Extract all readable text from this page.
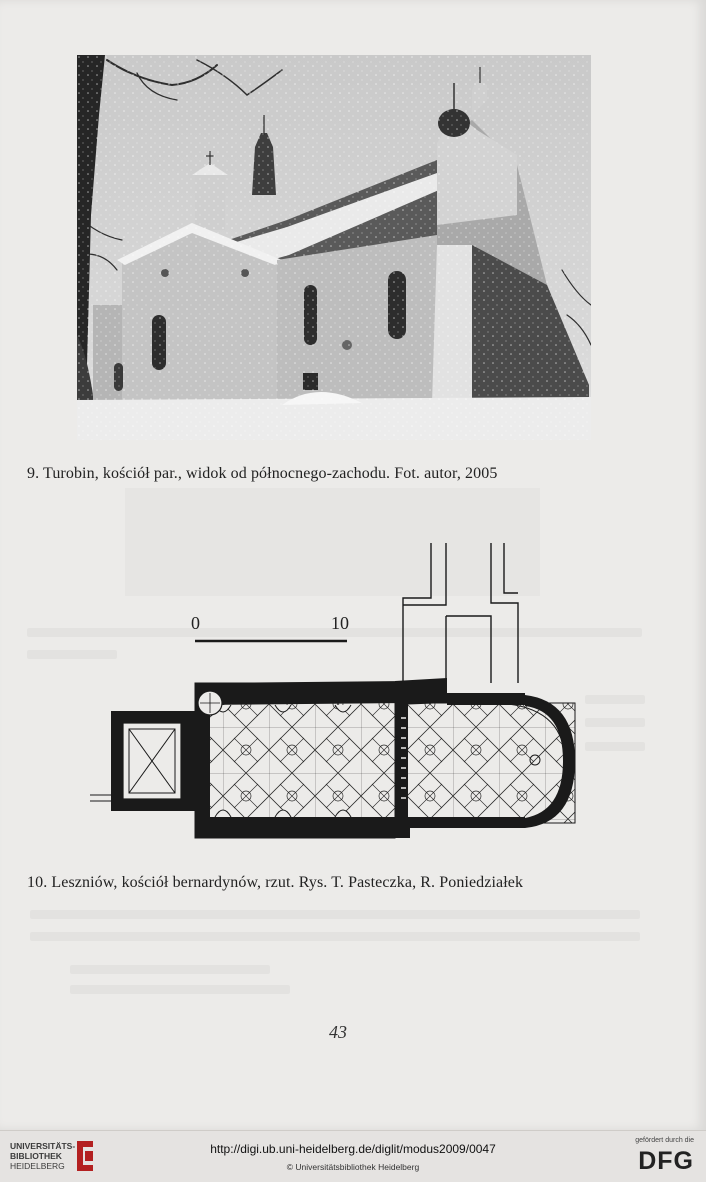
9. Turobin, kościół par., widok od północnego-zachodu. Fot. autor, 2005
0	10
10. Leszniów, kościół bernardynów, rzut. Rys. T. Pasteczka, R. Poniedziałek
43
UNIVERSITÄTS-
BIBLIOTHEK
HEIDELBERG
http://digi.ub.uni-heidelberg.de/diglit/modus2009/0047
© Universitätsbibliothek Heidelberg
gefördert durch die
DFG
